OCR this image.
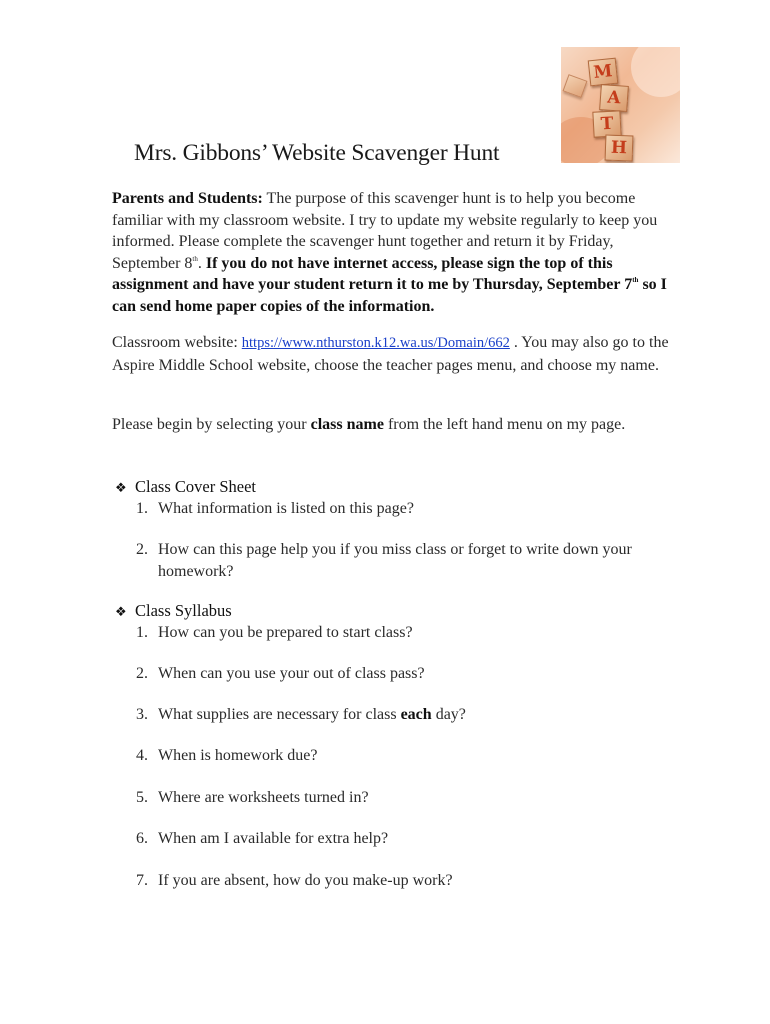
M
A
T
H
Mrs. Gibbons’ Website Scavenger Hunt

Parents and Students: The purpose of this scavenger hunt is to help you become familiar with my classroom website. I try to update my website regularly to keep you informed. Please complete the scavenger hunt together and return it by Friday, September 8th. If you do not have internet access, please sign the top of this assignment and have your student return it to me by Thursday, September 7th so I can send home paper copies of the information.

Classroom website: https://www.nthurston.k12.wa.us/Domain/662 . You may also go to the Aspire Middle School website, choose the teacher pages menu, and choose my name.

Please begin by selecting your class name from the left hand menu on my page.

❖ Class Cover Sheet

1. What information is listed on this page?

2. How can this page help you if you miss class or forget to write down your homework?

❖ Class Syllabus

1. How can you be prepared to start class?

2. When can you use your out of class pass?

3. What supplies are necessary for class each day?

4. When is homework due?

5. Where are worksheets turned in?

6. When am I available for extra help?

7. If you are absent, how do you make-up work?
